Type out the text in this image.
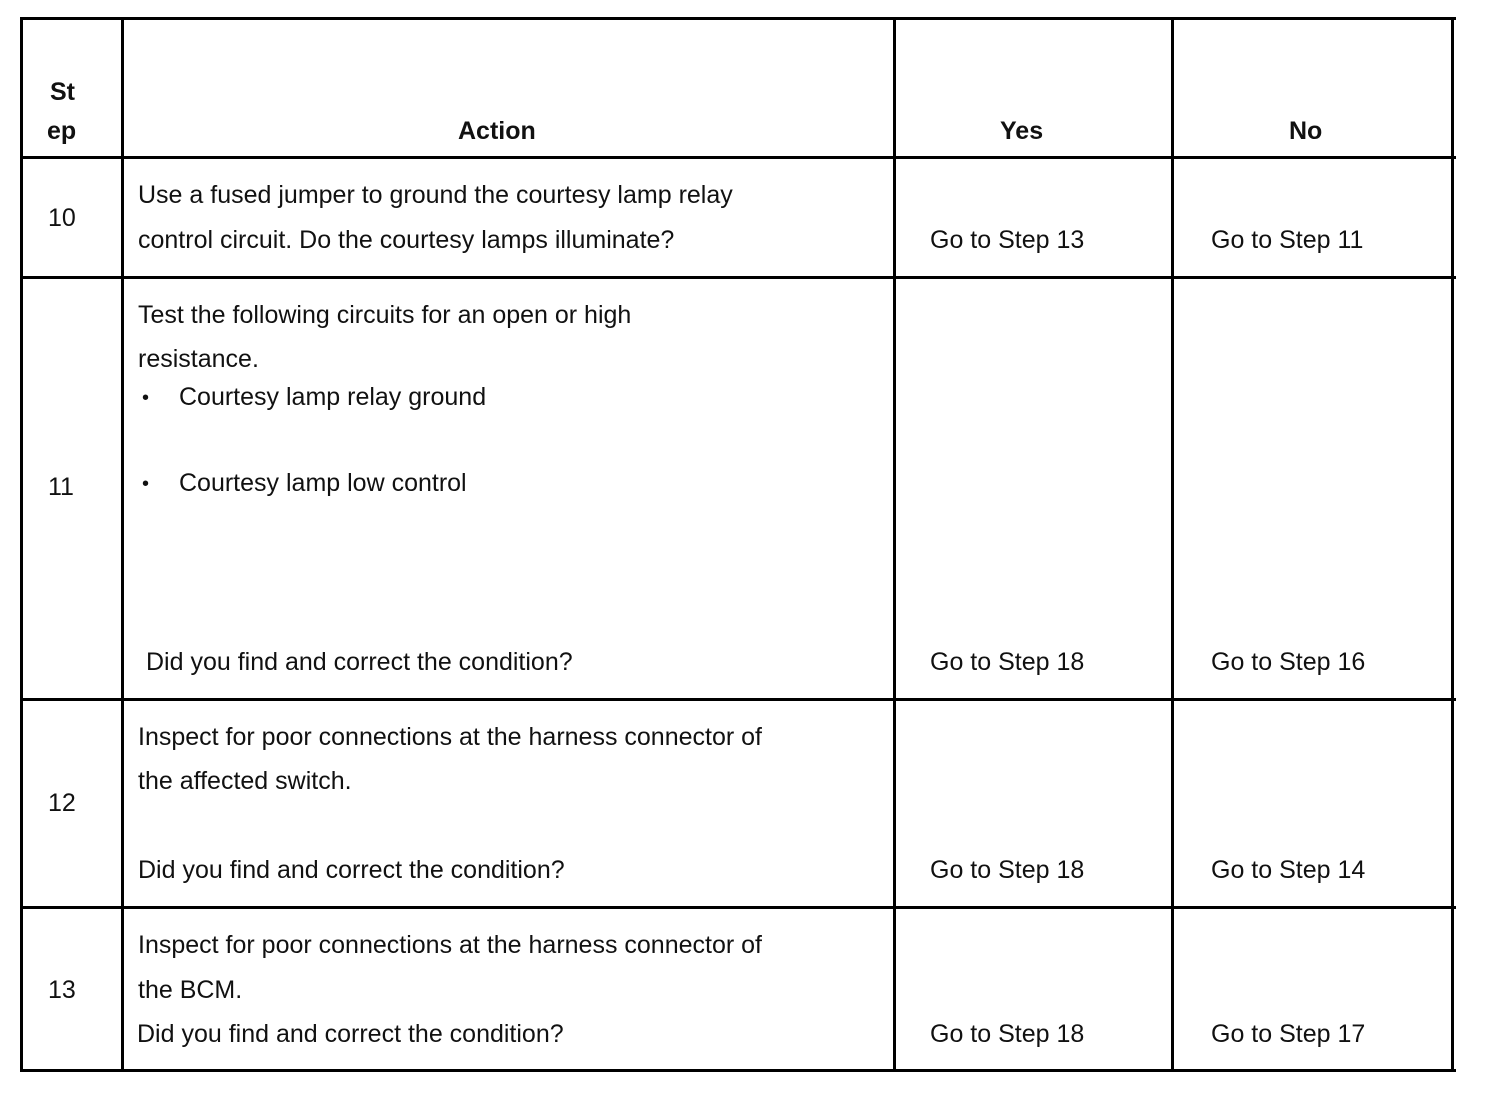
St
ep	Action	Yes	No
10
Use a fused jumper to ground the courtesy lamp relay
control circuit. Do the courtesy lamps illuminate?	Go to Step 13	Go to Step 11
11
Test the following circuits for an open or high
resistance.
• Courtesy lamp relay ground
• Courtesy lamp low control
Did you find and correct the condition?	Go to Step 18	Go to Step 16
12
Inspect for poor connections at the harness connector of
the affected switch.
Did you find and correct the condition?	Go to Step 18	Go to Step 14
13
Inspect for poor connections at the harness connector of
the BCM.
Did you find and correct the condition?	Go to Step 18	Go to Step 17
